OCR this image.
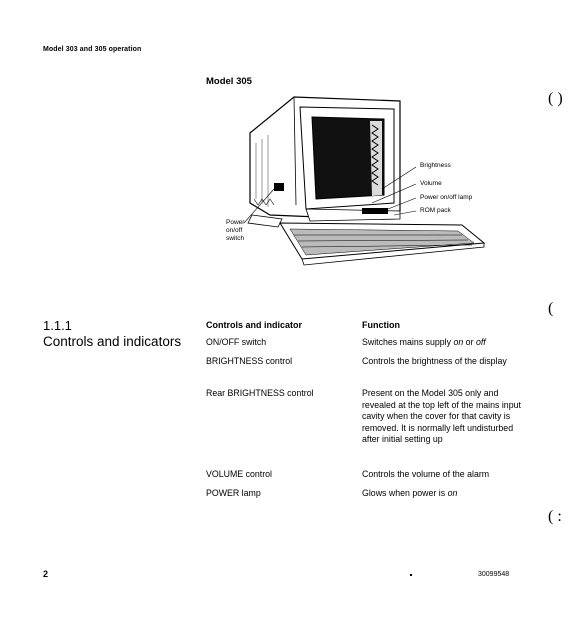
Model 303 and 305 operation
Model 305
Brightness
Volume
Power on/off lamp
ROM pack
Power
on/off
switch
( )
(
( :
1.1.1
Controls and indicators
Controls and indicator	Function
ON/OFF switch	Switches mains supply on or off
BRIGHTNESS control	Controls the brightness of the display
Rear BRIGHTNESS control	Present on the Model 305 only and revealed at the top left of the mains input cavity when the cover for that cavity is removed. It is normally left undisturbed after initial setting up
VOLUME control	Controls the volume of the alarm
POWER lamp	Glows when power is on
2	30099548
